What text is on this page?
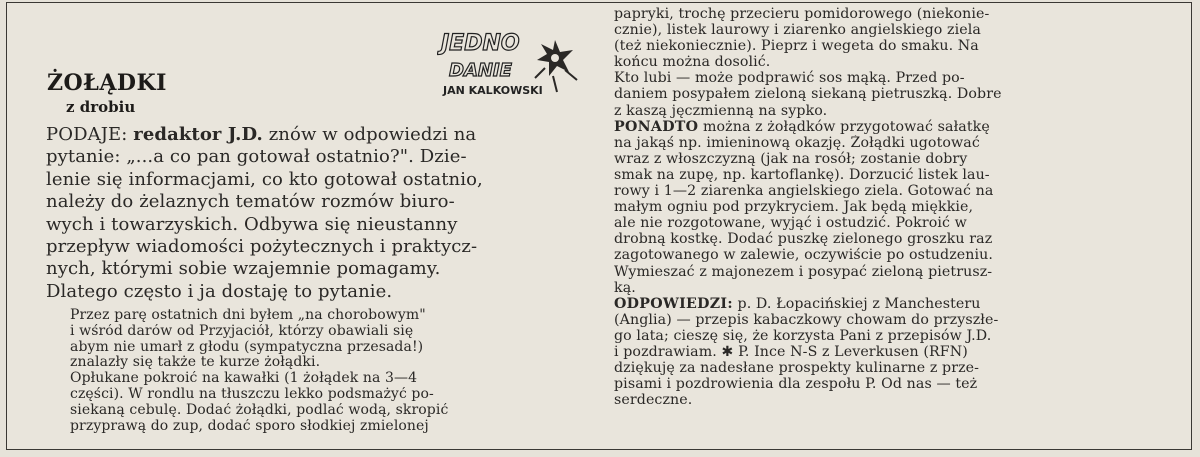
ŻOŁĄDKI
z drobiu
JEDNO
DANIE
JAN KALKOWSKI
PODAJE: redaktor J.D. znów w odpowiedzi na
pytanie: „...a co pan gotował ostatnio?". Dzie-
lenie się informacjami, co kto gotował ostatnio,
należy do żelaznych tematów rozmów biuro-
wych i towarzyskich. Odbywa się nieustanny
przepływ wiadomości pożytecznych i praktycz-
nych, którymi sobie wzajemnie pomagamy.
Dlatego często i ja dostaję to pytanie.
Przez parę ostatnich dni byłem „na chorobowym"
i wśród darów od Przyjaciół, którzy obawiali się
abym nie umarł z głodu (sympatyczna przesada!)
znalazły się także te kurze żołądki.
Opłukane pokroić na kawałki (1 żołądek na 3—4
części). W rondlu na tłuszczu lekko podsmażyć po-
siekaną cebulę. Dodać żołądki, podlać wodą, skropić
przyprawą do zup, dodać sporo słodkiej zmielonej
papryki, trochę przecieru pomidorowego (niekonie-
cznie), listek laurowy i ziarenko angielskiego ziela
(też niekoniecznie). Pieprz i wegeta do smaku. Na
końcu można dosolić.
Kto lubi — może podprawić sos mąką. Przed po-
daniem posypałem zieloną siekaną pietruszką. Dobre
z kaszą jęczmienną na sypko.
PONADTO można z żołądków przygotować sałatkę
na jakąś np. imieninową okazję. Żołądki ugotować
wraz z włoszczyzną (jak na rosół; zostanie dobry
smak na zupę, np. kartoflankę). Dorzucić listek lau-
rowy i 1—2 ziarenka angielskiego ziela. Gotować na
małym ogniu pod przykryciem. Jak będą miękkie,
ale nie rozgotowane, wyjąć i ostudzić. Pokroić w
drobną kostkę. Dodać puszkę zielonego groszku raz
zagotowanego w zalewie, oczywiście po ostudzeniu.
Wymieszać z majonezem i posypać zieloną pietrusz-
ką.
ODPOWIEDZI: p. D. Łopacińskiej z Manchesteru
(Anglia) — przepis kabaczkowy chowam do przyszłe-
go lata; cieszę się, że korzysta Pani z przepisów J.D.
i pozdrawiam. ✱ P. Ince N-S z Leverkusen (RFN)
dziękuję za nadesłane prospekty kulinarne z prze-
pisami i pozdrowienia dla zespołu P. Od nas — też
serdeczne.
